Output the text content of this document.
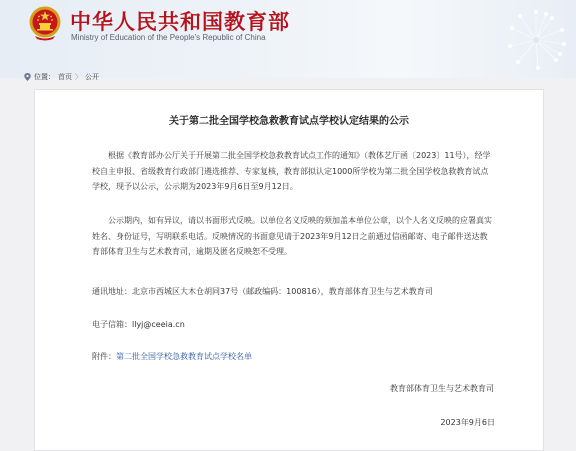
中华人民共和国教育部
Ministry of Education of the People's Republic of China
位置： 首页 〉 公开
关于第二批全国学校急救教育试点学校认定结果的公示

根据《教育部办公厅关于开展第二批全国学校急救教育试点工作的通知》（教体艺厅函〔2023〕11号），经学校自主申报、省级教育行政部门遴选推荐、专家复核，教育部拟认定1000所学校为第二批全国学校急救教育试点学校，现予以公示，公示期为2023年9月6日至9月12日。

公示期内，如有异议，请以书面形式反映。以单位名义反映的须加盖本单位公章，以个人名义反映的应署真实姓名、身份证号，写明联系电话。反映情况的书面意见请于2023年9月12日之前通过信函邮寄、电子邮件送达教育部体育卫生与艺术教育司，逾期及匿名反映恕不受理。

通讯地址：北京市西城区大木仓胡同37号（邮政编码：100816），教育部体育卫生与艺术教育司
电子信箱：llyj@ceeia.cn
附件：第二批全国学校急救教育试点学校名单
教育部体育卫生与艺术教育司
2023年9月6日
